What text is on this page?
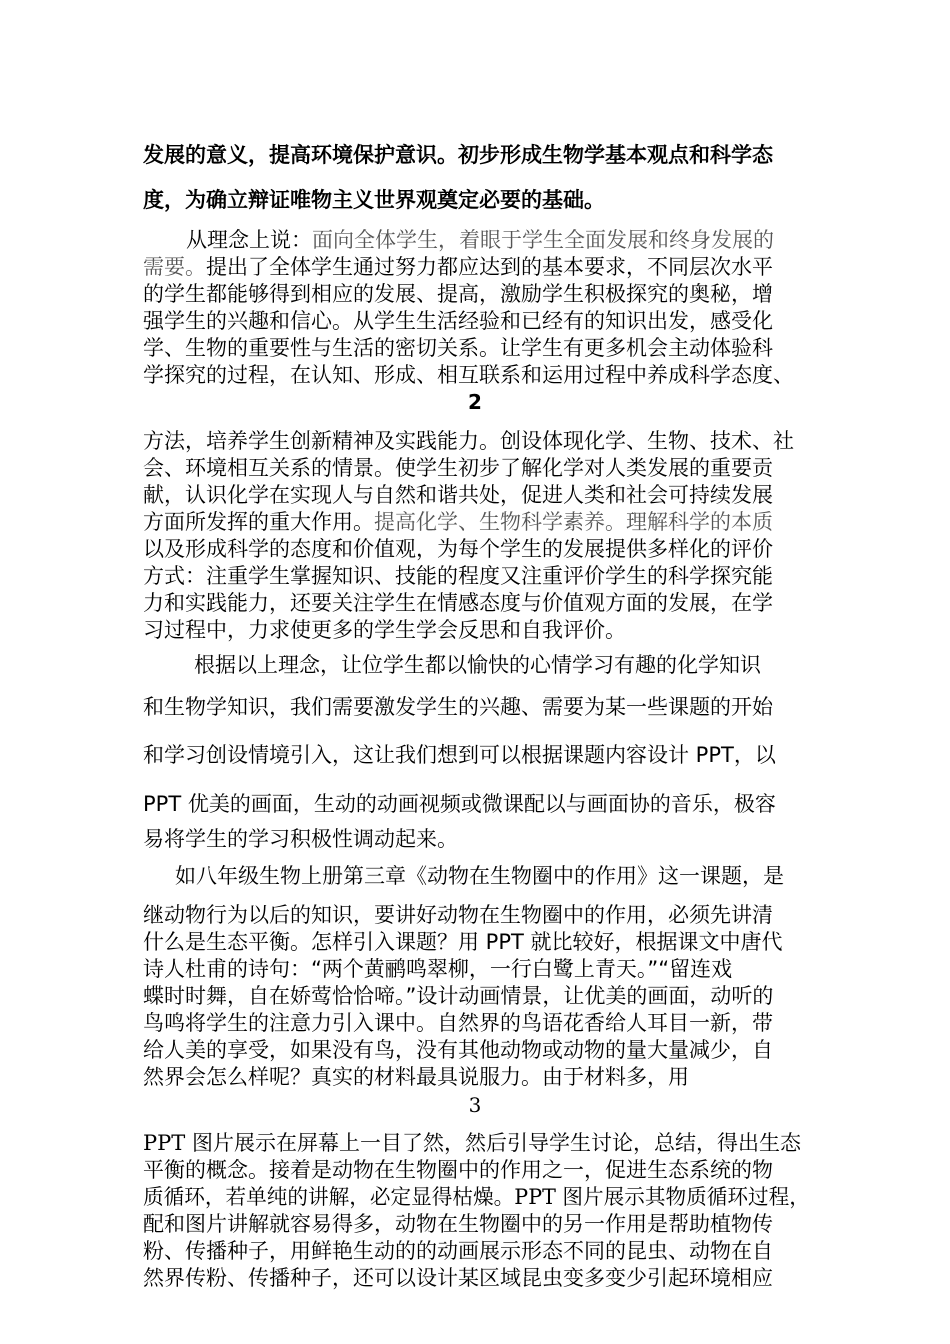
发展的意义，提高环境保护意识。初步形成生物学基本观点和科学态
度，为确立辩证唯物主义世界观奠定必要的基础。
从理念上说：面向全体学生，着眼于学生全面发展和终身发展的
需要。提出了全体学生通过努力都应达到的基本要求，不同层次水平
的学生都能够得到相应的发展、提高，激励学生积极探究的奥秘，增
强学生的兴趣和信心。从学生生活经验和已经有的知识出发，感受化
学、生物的重要性与生活的密切关系。让学生有更多机会主动体验科
学探究的过程，在认知、形成、相互联系和运用过程中养成科学态度、
2
方法，培养学生创新精神及实践能力。创设体现化学、生物、技术、社
会、环境相互关系的情景。使学生初步了解化学对人类发展的重要贡
献，认识化学在实现人与自然和谐共处，促进人类和社会可持续发展
方面所发挥的重大作用。提高化学、生物科学素养。理解科学的本质
以及形成科学的态度和价值观，为每个学生的发展提供多样化的评价
方式：注重学生掌握知识、技能的程度又注重评价学生的科学探究能
力和实践能力，还要关注学生在情感态度与价值观方面的发展，在学
习过程中，力求使更多的学生学会反思和自我评价。
根据以上理念，让位学生都以愉快的心情学习有趣的化学知识
和生物学知识，我们需要激发学生的兴趣、需要为某一些课题的开始
和学习创设情境引入，这让我们想到可以根据课题内容设计 PPT，以
PPT 优美的画面，生动的动画视频或微课配以与画面协的音乐，极容
易将学生的学习积极性调动起来。
如八年级生物上册第三章《动物在生物圈中的作用》这一课题，是
继动物行为以后的知识，要讲好动物在生物圈中的作用，必须先讲清
什么是生态平衡。怎样引入课题？用 PPT 就比较好，根据课文中唐代
诗人杜甫的诗句：“两个黄鹂鸣翠柳，一行白鹭上青天。”“留连戏
蝶时时舞，自在娇莺恰恰啼。”设计动画情景，让优美的画面，动听的
鸟鸣将学生的注意力引入课中。自然界的鸟语花香给人耳目一新，带
给人美的享受，如果没有鸟，没有其他动物或动物的量大量减少，自
然界会怎么样呢？真实的材料最具说服力。由于材料多，用
3
PPT 图片展示在屏幕上一目了然，然后引导学生讨论，总结，得出生态
平衡的概念。接着是动物在生物圈中的作用之一，促进生态系统的物
质循环，若单纯的讲解，必定显得枯燥。PPT 图片展示其物质循环过程，
配和图片讲解就容易得多，动物在生物圈中的另一作用是帮助植物传
粉、传播种子，用鲜艳生动的的动画展示形态不同的昆虫、动物在自
然界传粉、传播种子，还可以设计某区域昆虫变多变少引起环境相应
